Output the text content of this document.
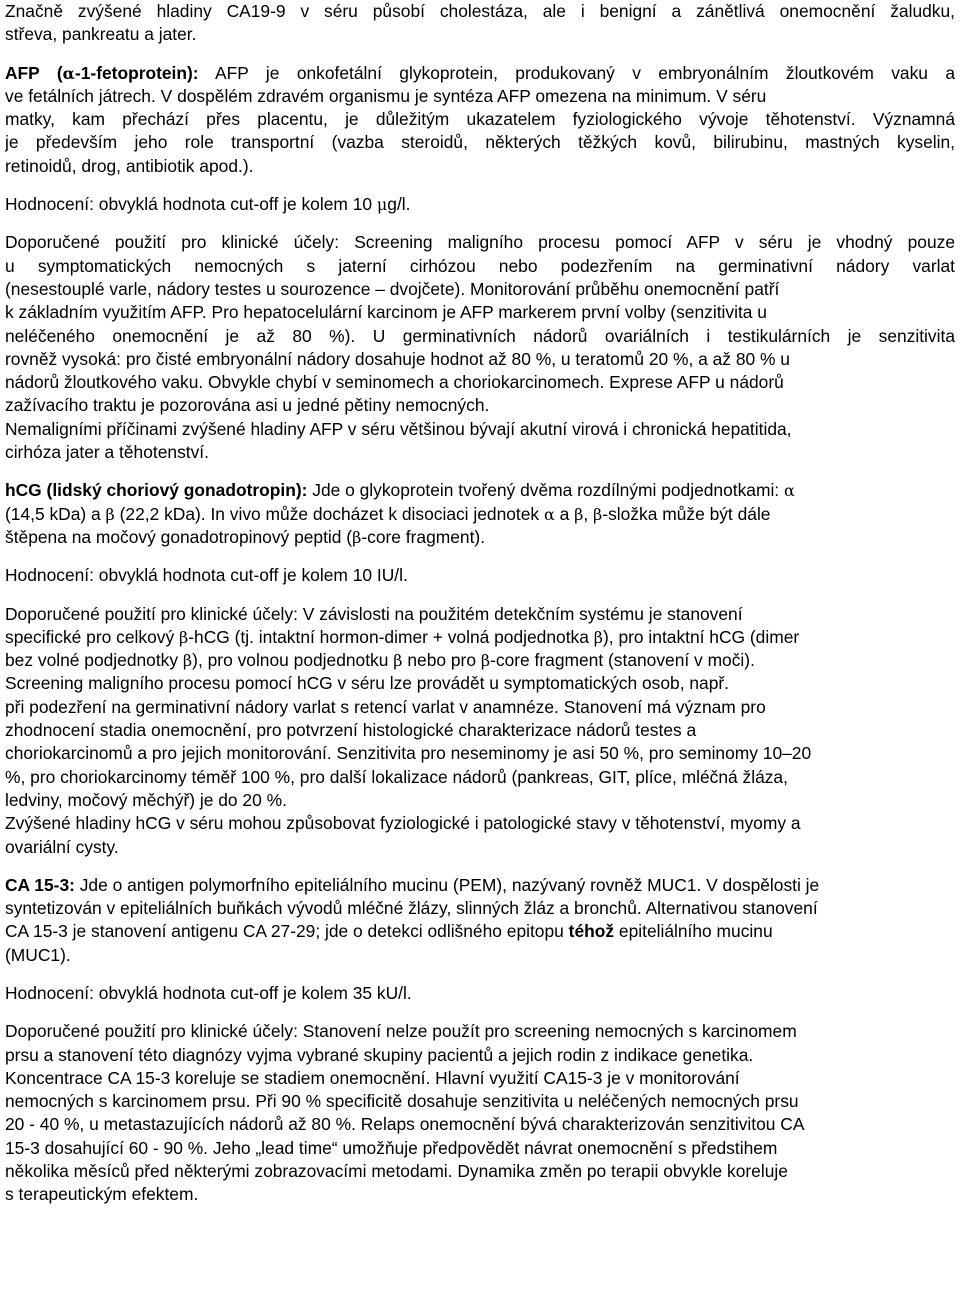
Značně zvýšené hladiny CA19-9 v séru působí cholestáza, ale i benigní a zánětlivá onemocnění žaludku,
střeva, pankreatu a jater.
AFP (α-1-fetoprotein): AFP je onkofetální glykoprotein, produkovaný v embryonálním žloutkovém vaku a
ve fetálních játrech. V dospělém zdravém organismu je syntéza AFP omezena na minimum. V séru
matky, kam přechází přes placentu, je důležitým ukazatelem fyziologického vývoje těhotenství. Významná
je především jeho role transportní (vazba steroidů, některých těžkých kovů, bilirubinu, mastných kyselin,
retinoidů, drog, antibiotik apod.).
Hodnocení: obvyklá hodnota cut-off je kolem 10 μg/l.
Doporučené použití pro klinické účely: Screening maligního procesu pomocí AFP v séru je vhodný pouze
u symptomatických nemocných s jaterní cirhózou nebo podezřením na germinativní nádory varlat
(nesestouplé varle, nádory testes u sourozence – dvojčete). Monitorování průběhu onemocnění patří
k základním využitím AFP. Pro hepatocelulární karcinom je AFP markerem první volby (senzitivita u
neléčeného onemocnění je až 80 %). U germinativních nádorů ovariálních i testikulárních je senzitivita
rovněž vysoká: pro čisté embryonální nádory dosahuje hodnot až 80 %, u teratomů 20 %, a až 80 % u
nádorů žloutkového vaku. Obvykle chybí v seminomech a choriokarcinomech. Exprese AFP u nádorů
zažívacího traktu je pozorována asi u jedné pětiny nemocných.
Nemaligními příčinami zvýšené hladiny AFP v séru většinou bývají akutní virová i chronická hepatitida,
cirhóza jater a těhotenství.
hCG (lidský choriový gonadotropin): Jde o glykoprotein tvořený dvěma rozdílnými podjednotkami: α
(14,5 kDa) a β (22,2 kDa). In vivo může docházet k disociaci jednotek α a β, β-složka může být dále
štěpena na močový gonadotropinový peptid (β-core fragment).
Hodnocení: obvyklá hodnota cut-off je kolem 10 IU/l.
Doporučené použití pro klinické účely: V závislosti na použitém detekčním systému je stanovení
specifické pro celkový β-hCG (tj. intaktní hormon-dimer + volná podjednotka β), pro intaktní hCG (dimer
bez volné podjednotky β), pro volnou podjednotku β nebo pro β-core fragment (stanovení v moči).
Screening maligního procesu pomocí hCG v séru lze provádět u symptomatických osob, např.
při podezření na germinativní nádory varlat s retencí varlat v anamnéze. Stanovení má význam pro
zhodnocení stadia onemocnění, pro potvrzení histologické charakterizace nádorů testes a
choriokarcinomů a pro jejich monitorování. Senzitivita pro neseminomy je asi 50 %, pro seminomy 10–20
%, pro choriokarcinomy téměř 100 %, pro další lokalizace nádorů (pankreas, GIT, plíce, mléčná žláza,
ledviny, močový měchýř) je do 20 %.
Zvýšené hladiny hCG v séru mohou způsobovat fyziologické i patologické stavy v těhotenství, myomy a
ovariální cysty.
CA 15-3: Jde o antigen polymorfního epiteliálního mucinu (PEM), nazývaný rovněž MUC1. V dospělosti je
syntetizován v epiteliálních buňkách vývodů mléčné žlázy, slinných žláz a bronchů. Alternativou stanovení
CA 15-3 je stanovení antigenu CA 27-29; jde o detekci odlišného epitopu téhož epiteliálního mucinu
(MUC1).
Hodnocení: obvyklá hodnota cut-off je kolem 35 kU/l.
Doporučené použití pro klinické účely: Stanovení nelze použít pro screening nemocných s karcinomem
prsu a stanovení této diagnózy vyjma vybrané skupiny pacientů a jejich rodin z indikace genetika.
Koncentrace CA 15-3 koreluje se stadiem onemocnění. Hlavní využití CA15-3 je v monitorování
nemocných s karcinomem prsu. Při 90 % specificitě dosahuje senzitivita u neléčených nemocných prsu
20 - 40 %, u metastazujících nádorů až 80 %. Relaps onemocnění bývá charakterizován senzitivitou CA
15-3 dosahující 60 - 90 %. Jeho „lead time“ umožňuje předpovědět návrat onemocnění s předstihem
několika měsíců před některými zobrazovacími metodami. Dynamika změn po terapii obvykle koreluje
s terapeutickým efektem.
